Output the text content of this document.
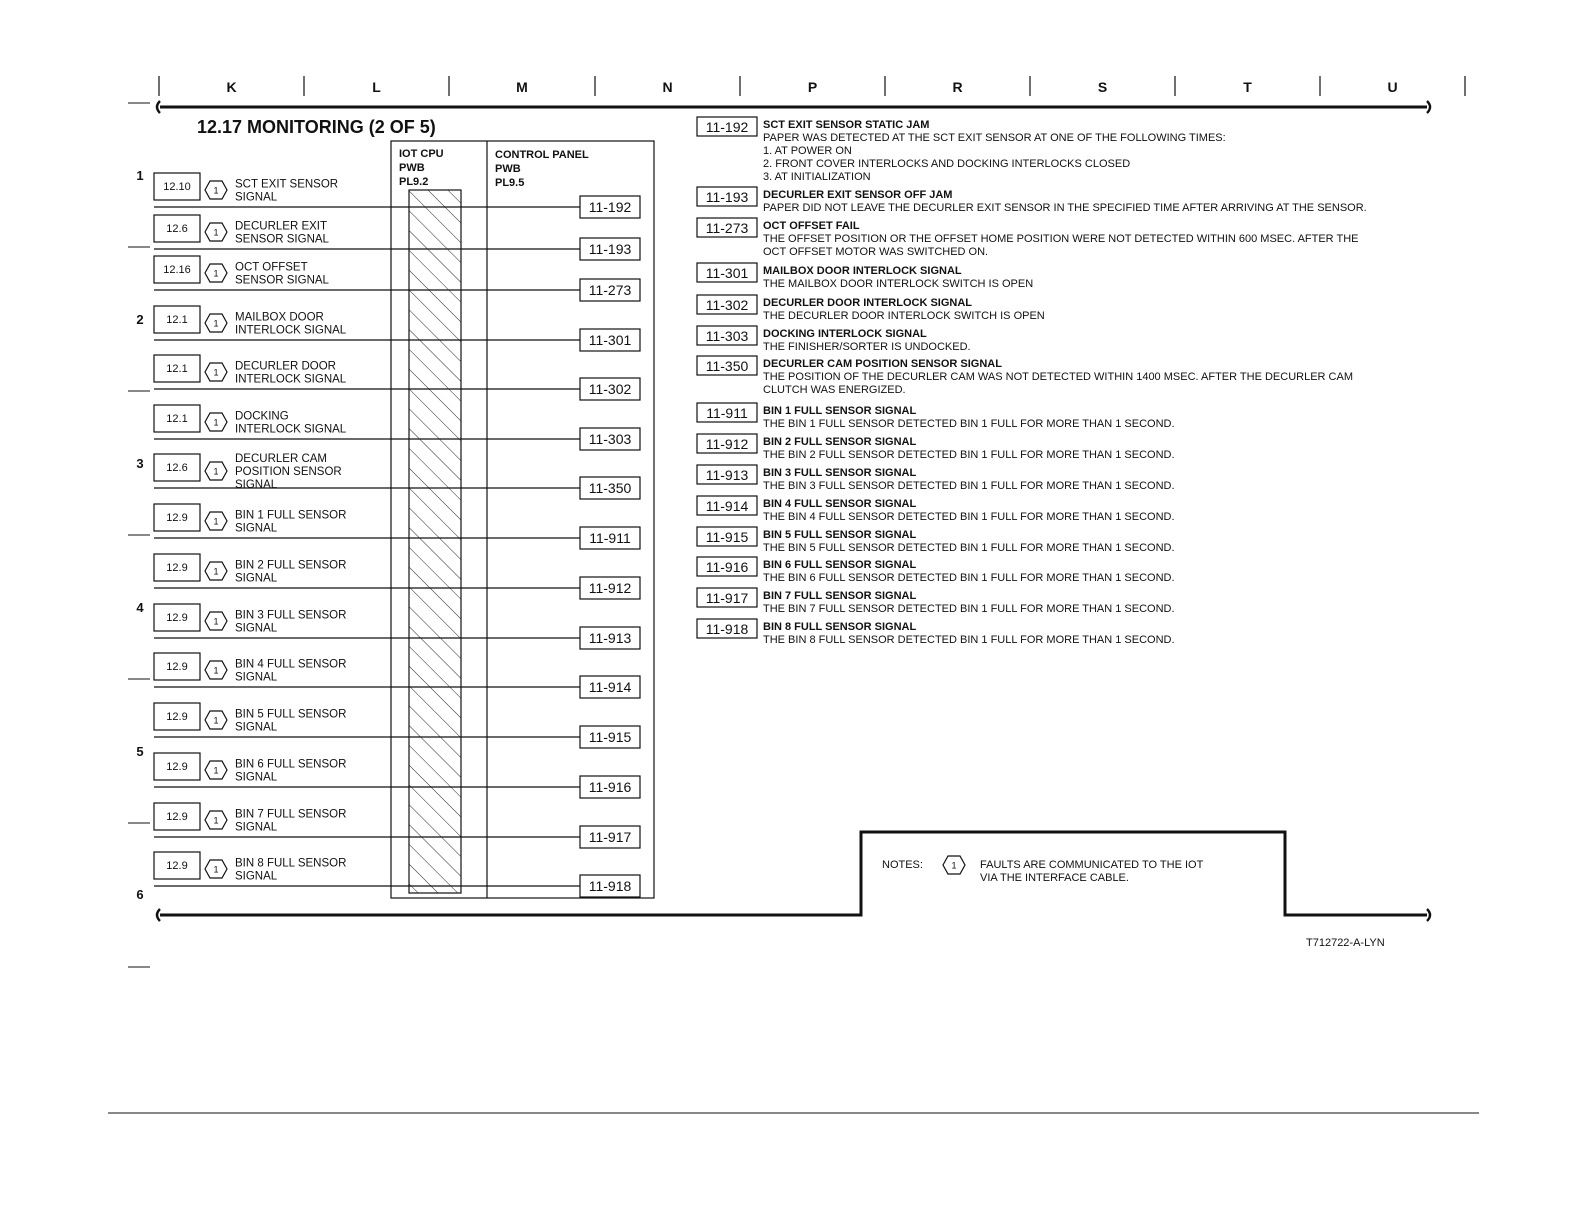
K	L	M	N	P	R	S	T	U
1
2
3
4
5
6
12.17 MONITORING (2 OF 5)
IOT CPU
PWB
PL9.2
CONTROL PANEL
PWB
PL9.5
12.10	1 SCT EXIT SENSOR
SIGNAL
11-192
12.6	1 DECURLER EXIT
SENSOR SIGNAL
11-193
12.16	1 OCT OFFSET
SENSOR SIGNAL
11-273
12.1	1 MAILBOX DOOR
INTERLOCK SIGNAL
11-301
12.1	1 DECURLER DOOR
INTERLOCK SIGNAL
11-302
12.1	1 DOCKING
INTERLOCK SIGNAL
11-303
12.6	1
DECURLER CAM
POSITION SENSOR
SIGNAL	11-350
12.9	1 BIN 1 FULL SENSOR
SIGNAL
11-911
12.9	1 BIN 2 FULL SENSOR
SIGNAL
11-912
12.9	1 BIN 3 FULL SENSOR
SIGNAL
11-913
12.9	1 BIN 4 FULL SENSOR
SIGNAL
11-914
12.9	1 BIN 5 FULL SENSOR
SIGNAL
11-915
12.9	1 BIN 6 FULL SENSOR
SIGNAL
11-916
12.9	1 BIN 7 FULL SENSOR
SIGNAL
11-917
12.9	1 BIN 8 FULL SENSOR
SIGNAL
11-918
11-192 SCT EXIT SENSOR STATIC JAM
PAPER WAS DETECTED AT THE SCT EXIT SENSOR AT ONE OF THE FOLLOWING TIMES:
1. AT POWER ON
2. FRONT COVER INTERLOCKS AND DOCKING INTERLOCKS CLOSED
3. AT INITIALIZATION
11-193 DECURLER EXIT SENSOR OFF JAM
PAPER DID NOT LEAVE THE DECURLER EXIT SENSOR IN THE SPECIFIED TIME AFTER ARRIVING AT THE SENSOR.
11-273 OCT OFFSET FAIL
THE OFFSET POSITION OR THE OFFSET HOME POSITION WERE NOT DETECTED WITHIN 600 MSEC. AFTER THE
OCT OFFSET MOTOR WAS SWITCHED ON.
11-301 MAILBOX DOOR INTERLOCK SIGNAL
THE MAILBOX DOOR INTERLOCK SWITCH IS OPEN
11-302 DECURLER DOOR INTERLOCK SIGNAL
THE DECURLER DOOR INTERLOCK SWITCH IS OPEN
11-303 DOCKING INTERLOCK SIGNAL
THE FINISHER/SORTER IS UNDOCKED.
11-350 DECURLER CAM POSITION SENSOR SIGNAL
THE POSITION OF THE DECURLER CAM WAS NOT DETECTED WITHIN 1400 MSEC. AFTER THE DECURLER CAM
CLUTCH WAS ENERGIZED.
11-911 BIN 1 FULL SENSOR SIGNAL
THE BIN 1 FULL SENSOR DETECTED BIN 1 FULL FOR MORE THAN 1 SECOND.
11-912 BIN 2 FULL SENSOR SIGNAL
THE BIN 2 FULL SENSOR DETECTED BIN 1 FULL FOR MORE THAN 1 SECOND.
11-913 BIN 3 FULL SENSOR SIGNAL
THE BIN 3 FULL SENSOR DETECTED BIN 1 FULL FOR MORE THAN 1 SECOND.
11-914 BIN 4 FULL SENSOR SIGNAL
THE BIN 4 FULL SENSOR DETECTED BIN 1 FULL FOR MORE THAN 1 SECOND.
11-915 BIN 5 FULL SENSOR SIGNAL
THE BIN 5 FULL SENSOR DETECTED BIN 1 FULL FOR MORE THAN 1 SECOND.
11-916 BIN 6 FULL SENSOR SIGNAL
THE BIN 6 FULL SENSOR DETECTED BIN 1 FULL FOR MORE THAN 1 SECOND.
11-917 BIN 7 FULL SENSOR SIGNAL
THE BIN 7 FULL SENSOR DETECTED BIN 1 FULL FOR MORE THAN 1 SECOND.
11-918 BIN 8 FULL SENSOR SIGNAL
THE BIN 8 FULL SENSOR DETECTED BIN 1 FULL FOR MORE THAN 1 SECOND.
NOTES:	1 FAULTS ARE COMMUNICATED TO THE IOT
VIA THE INTERFACE CABLE.
T712722-A-LYN
